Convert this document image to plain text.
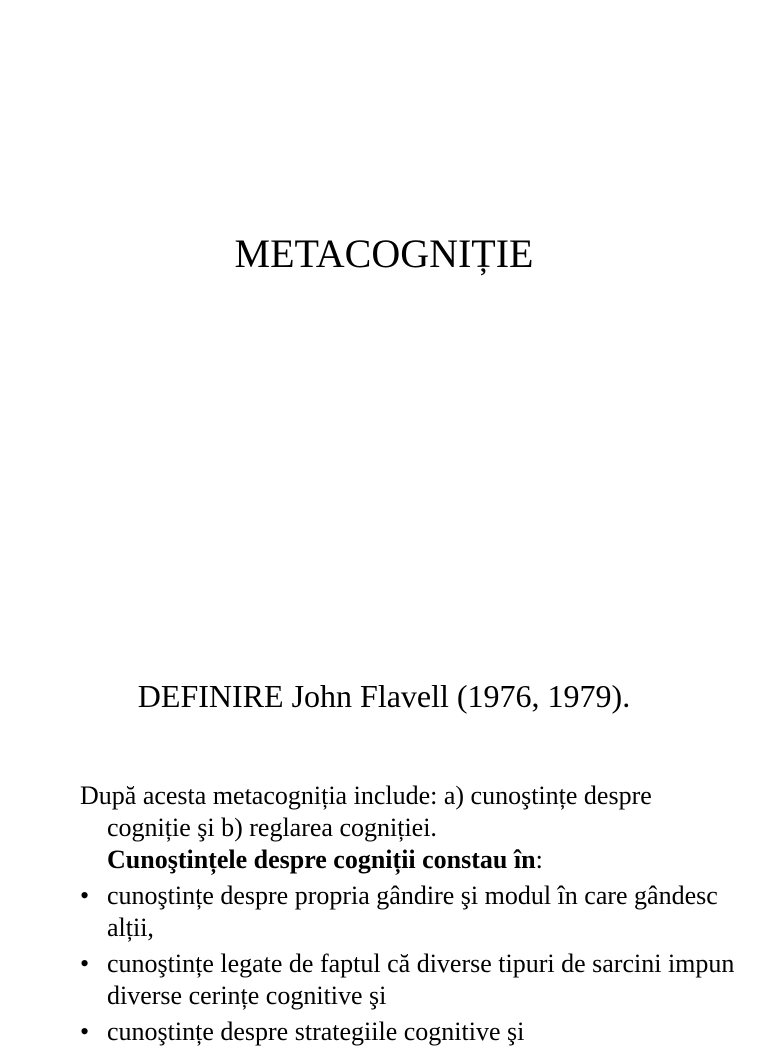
METACOGNIȚIE
DEFINIRE John Flavell (1976, 1979).

După acesta metacogniția include: a) cunoştințe despre cogniție şi b) reglarea cogniției.
Cunoştințele despre cogniții constau în:

• cunoştințe despre propria gândire şi modul în care gândesc alții,
• cunoştințe legate de faptul că diverse tipuri de sarcini impun diverse cerințe cognitive şi
• cunoştințe despre strategiile cognitive şi
